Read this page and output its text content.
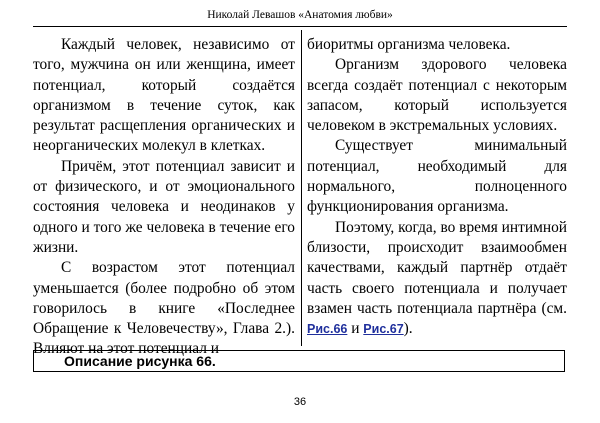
Николай Левашов «Анатомия любви»

Каждый человек, независимо от того, мужчина он или женщина, имеет потенциал, который создаётся организмом в течение суток, как результат расщепления органических и неорганических молекул в клетках.

Причём, этот потенциал зависит и от физического, и от эмоционального состояния человека и неодинаков у одного и того же человека в течение его жизни.

С возрастом этот потенциал уменьшается (более подробно об этом говорилось в книге «Последнее Обращение к Человечеству», Глава 2.). Влияют на этот потенциал и

биоритмы организма человека.

Организм здорового человека всегда создаёт потенциал с некоторым запасом, который используется человеком в экстремальных условиях.

Существует минимальный потенциал, необходимый для нормального, полноценного функционирования организма.

Поэтому, когда, во время интимной близости, происходит взаимообмен качествами, каждый партнёр отдаёт часть своего потенциала и получает взамен часть потенциала партнёра (см. Рис.66 и Рис.67).

Описание рисунка 66.
36
